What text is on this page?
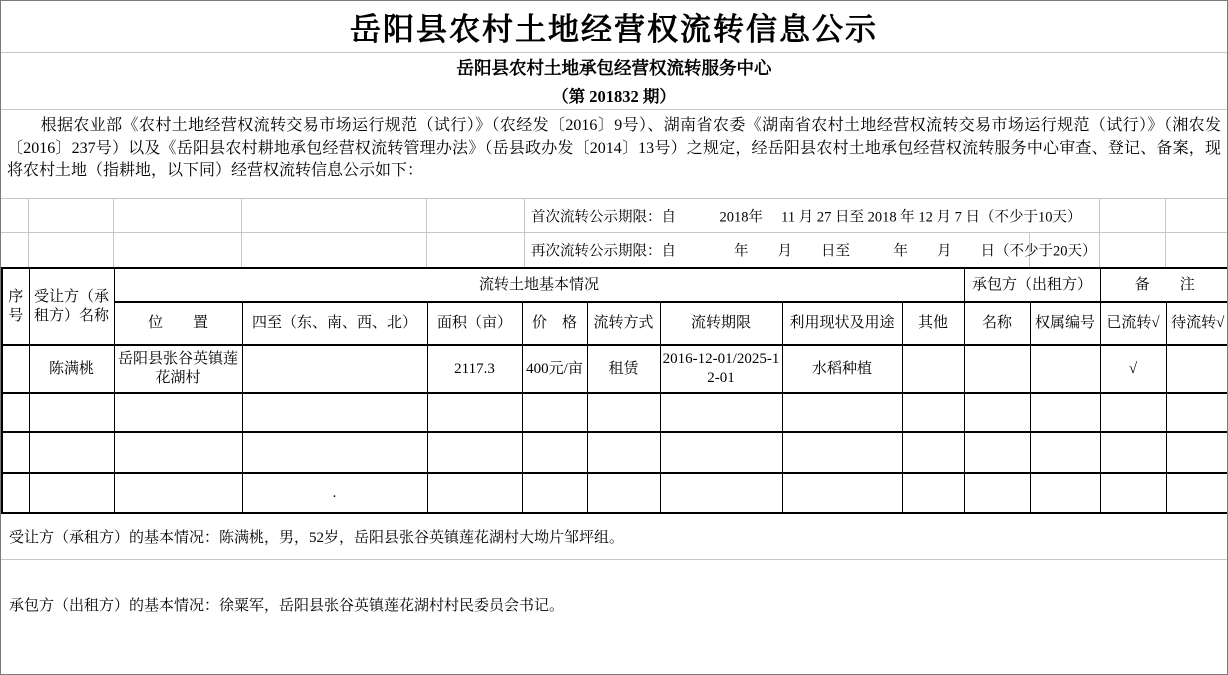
岳阳县农村土地经营权流转信息公示
岳阳县农村土地承包经营权流转服务中心
（第 201832 期）
根据农业部《农村土地经营权流转交易市场运行规范（试行）》（农经发〔2016〕9号）、湖南省农委《湖南省农村土地经营权流转交易市场运行规范（试行）》（湘农发〔2016〕237号）以及《岳阳县农村耕地承包经营权流转管理办法》（岳县政办发〔2014〕13号）之规定，经岳阳县农村土地承包经营权流转服务中心审查、登记、备案，现将农村土地（指耕地，以下同）经营权流转信息公示如下：
首次流转公示期限：自　　　2018年　 11 月 27 日至 2018 年 12 月 7 日（不少于10天）
再次流转公示期限：自　　　　年　　月　　日至　　　年　　月　　日（不少于20天）
序号	受让方（承租方）名称	流转土地基本情况								承包方（出租方）		备　　注	
		位　　置	四至（东、南、西、北）	面积（亩）	价　格	流转方式	流转期限	利用现状及用途	其他	名称	权属编号	已流转√	待流转√
	陈满桃	岳阳县张谷英镇莲花湖村		2117.3	400元/亩	租赁	2016-12-01/2025-12-01	水稻种植				√	

			.										
受让方（承租方）的基本情况：陈满桃，男，52岁，岳阳县张谷英镇莲花湖村大坳片邹坪组。
承包方（出租方）的基本情况：徐粟军，岳阳县张谷英镇莲花湖村村民委员会书记。
